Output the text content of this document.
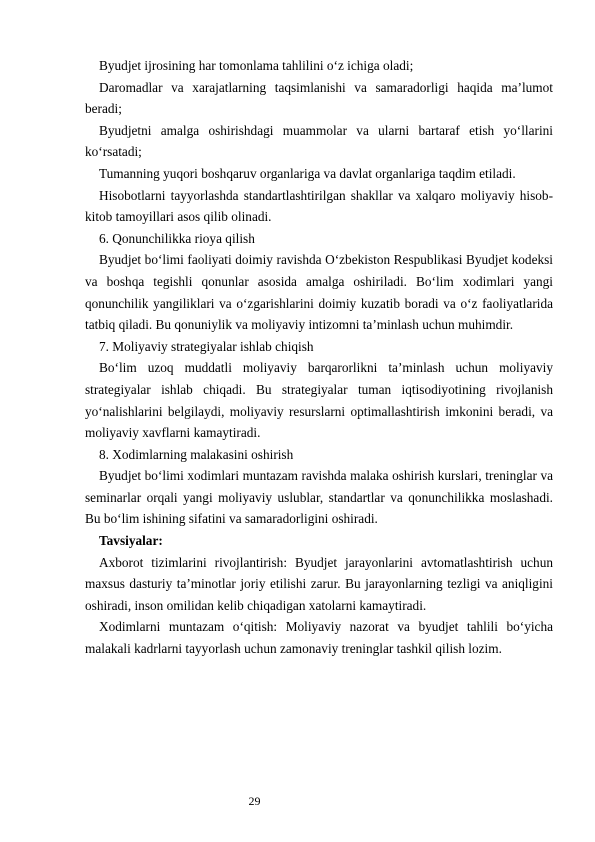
Byudjet ijrosining har tomonlama tahlilini o‘z ichiga oladi;

Daromadlar va xarajatlarning taqsimlanishi va samaradorligi haqida ma’lumot beradi;

Byudjetni amalga oshirishdagi muammolar va ularni bartaraf etish yo‘llarini ko‘rsatadi;

Tumanning yuqori boshqaruv organlariga va davlat organlariga taqdim etiladi.

Hisobotlarni tayyorlashda standartlashtirilgan shakllar va xalqaro moliyaviy hisob-kitob tamoyillari asos qilib olinadi.

6. Qonunchilikka rioya qilish

Byudjet bo‘limi faoliyati doimiy ravishda O‘zbekiston Respublikasi Byudjet kodeksi va boshqa tegishli qonunlar asosida amalga oshiriladi. Bo‘lim xodimlari yangi qonunchilik yangiliklari va o‘zgarishlarini doimiy kuzatib boradi va o‘z faoliyatlarida tatbiq qiladi. Bu qonuniylik va moliyaviy intizomni ta’minlash uchun muhimdir.

7. Moliyaviy strategiyalar ishlab chiqish

Bo‘lim uzoq muddatli moliyaviy barqarorlikni ta’minlash uchun moliyaviy strategiyalar ishlab chiqadi. Bu strategiyalar tuman iqtisodiyotining rivojlanish yo‘nalishlarini belgilaydi, moliyaviy resurslarni optimallashtirish imkonini beradi, va moliyaviy xavflarni kamaytiradi.

8. Xodimlarning malakasini oshirish

Byudjet bo‘limi xodimlari muntazam ravishda malaka oshirish kurslari, treninglar va seminarlar orqali yangi moliyaviy uslublar, standartlar va qonunchilikka moslashadi. Bu bo‘lim ishining sifatini va samaradorligini oshiradi.

Tavsiyalar:

Axborot tizimlarini rivojlantirish: Byudjet jarayonlarini avtomatlashtirish uchun maxsus dasturiy ta’minotlar joriy etilishi zarur. Bu jarayonlarning tezligi va aniqligini oshiradi, inson omilidan kelib chiqadigan xatolarni kamaytiradi.

Xodimlarni muntazam o‘qitish: Moliyaviy nazorat va byudjet tahlili bo‘yicha malakali kadrlarni tayyorlash uchun zamonaviy treninglar tashkil qilish lozim.

29
